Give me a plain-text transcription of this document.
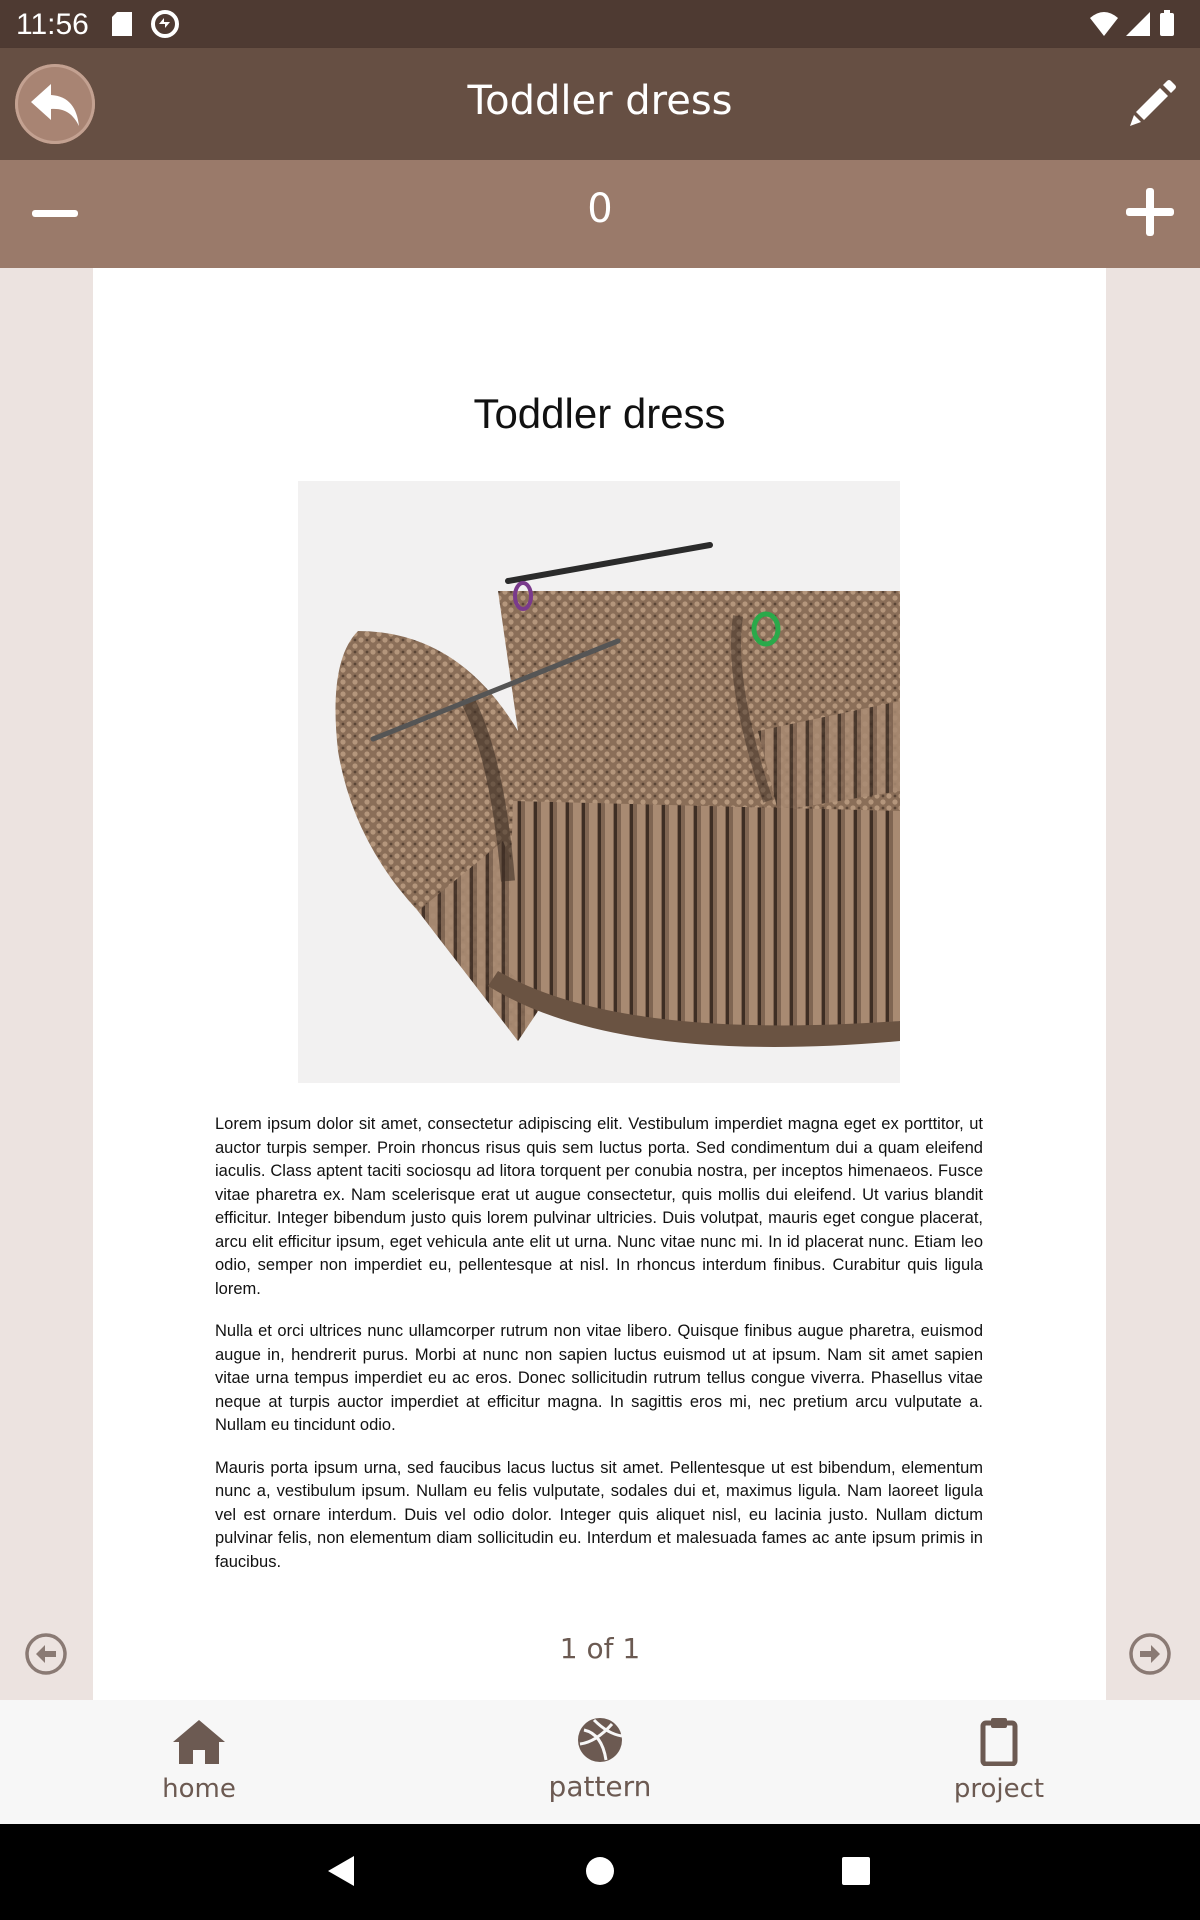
11:56
Toddler dress
0
Toddler dress

Lorem ipsum dolor sit amet, consectetur adipiscing elit. Vestibulum imperdiet magna eget ex porttitor, ut auctor turpis semper. Proin rhoncus risus quis sem luctus porta. Sed condimentum dui a quam eleifend iaculis. Class aptent taciti sociosqu ad litora torquent per conubia nostra, per inceptos himenaeos. Fusce vitae pharetra ex. Nam scelerisque erat ut augue consectetur, quis mollis dui eleifend. Ut varius blandit efficitur. Integer bibendum justo quis lorem pulvinar ultricies. Duis volutpat, mauris eget congue placerat, arcu elit efficitur ipsum, eget vehicula ante elit ut urna. Nunc vitae nunc mi. In id placerat nunc. Etiam leo odio, semper non imperdiet eu, pellentesque at nisl. In rhoncus interdum finibus. Curabitur quis ligula lorem.

Nulla et orci ultrices nunc ullamcorper rutrum non vitae libero. Quisque finibus augue pharetra, euismod augue in, hendrerit purus. Morbi at nunc non sapien luctus euismod ut at ipsum. Nam sit amet sapien vitae urna tempus imperdiet eu ac eros. Donec sollicitudin rutrum tellus congue viverra. Phasellus vitae neque at turpis auctor imperdiet at efficitur magna. In sagittis eros mi, nec pretium arcu vulputate a. Nullam eu tincidunt odio.

Mauris porta ipsum urna, sed faucibus lacus luctus sit amet. Pellentesque ut est bibendum, elementum nunc a, vestibulum ipsum. Nullam eu felis vulputate, sodales dui et, maximus ligula. Nam laoreet ligula vel est ornare interdum. Duis vel odio dolor. Integer quis aliquet nisl, eu lacinia justo. Nullam dictum pulvinar felis, non elementum diam sollicitudin eu. Interdum et malesuada fames ac ante ipsum primis in faucibus.

1 of 1
home	pattern	project
